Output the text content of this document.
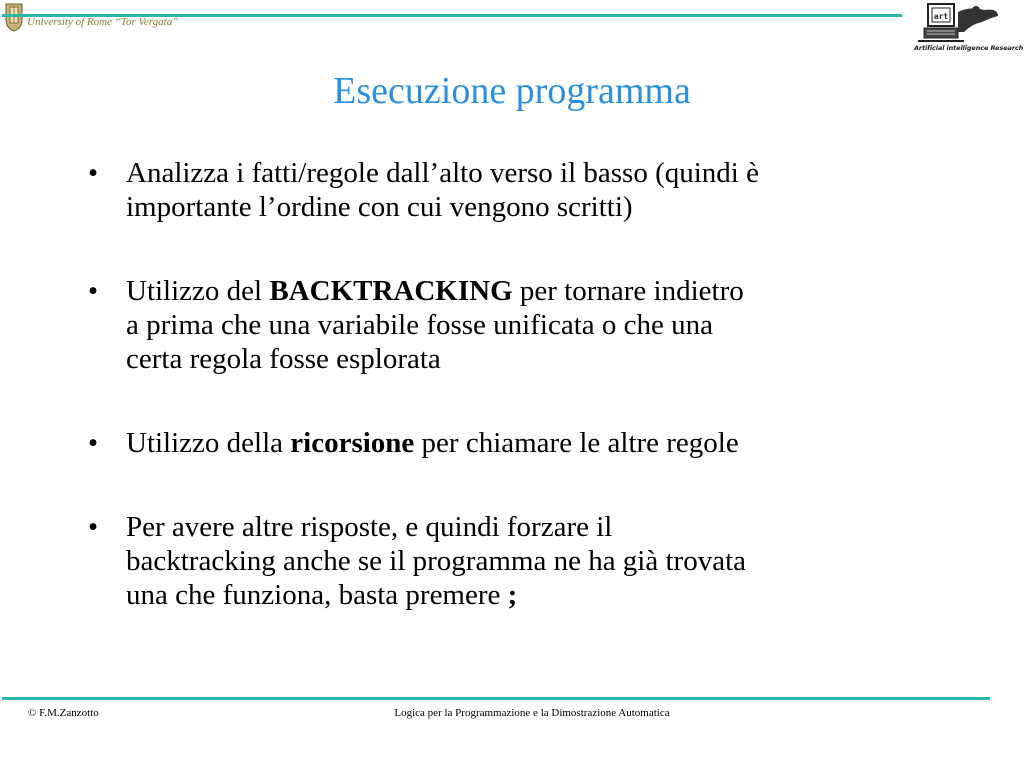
University of Rome “Tor Vergata”	art
Artificial intelligence Research
Esecuzione programma
• Analizza i fatti/regole dall’alto verso il basso (quindi è
importante l’ordine con cui vengono scritti)
• Utilizzo del BACKTRACKING per tornare indietro
a prima che una variabile fosse unificata o che una
certa regola fosse esplorata
• Utilizzo della ricorsione per chiamare le altre regole
• Per avere altre risposte, e quindi forzare il
backtracking anche se il programma ne ha già trovata
una che funziona, basta premere ;
© F.M.Zanzotto	Logica per la Programmazione e la Dimostrazione Automatica
